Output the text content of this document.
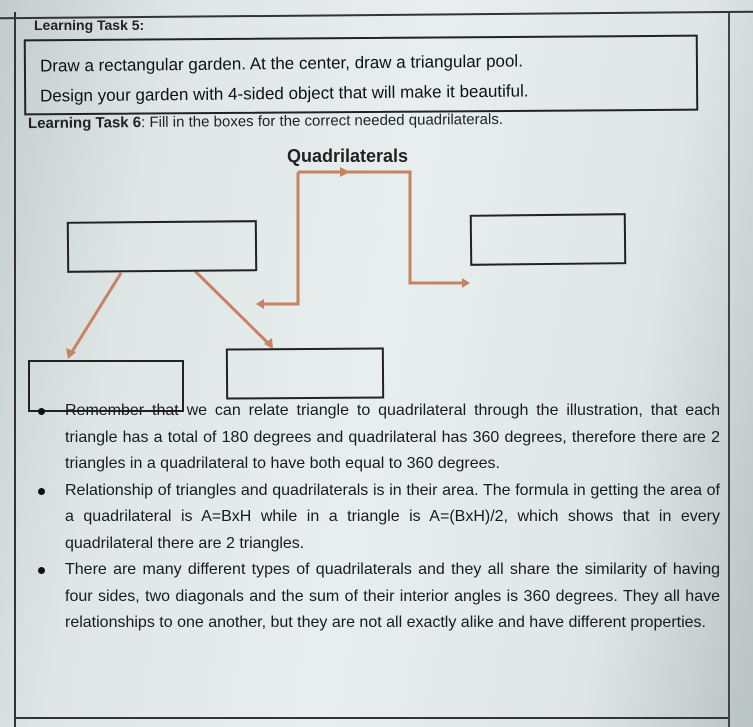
Learning Task 5:
Draw a rectangular garden. At the center, draw a triangular pool.
Design your garden with 4-sided object that will make it beautiful.
Learning Task 6: Fill in the boxes for the correct needed quadrilaterals.
Quadrilaterals
Remember that we can relate triangle to quadrilateral through the illustration, that each triangle has a total of 180 degrees and quadrilateral has 360 degrees, therefore there are 2 triangles in a quadrilateral to have both equal to 360 degrees.
Relationship of triangles and quadrilaterals is in their area. The formula in getting the area of a quadrilateral is A=BxH while in a triangle is A=(BxH)/2, which shows that in every quadrilateral there are 2 triangles.
There are many different types of quadrilaterals and they all share the similarity of having four sides, two diagonals and the sum of their interior angles is 360 degrees. They all have relationships to one another, but they are not all exactly alike and have different properties.
